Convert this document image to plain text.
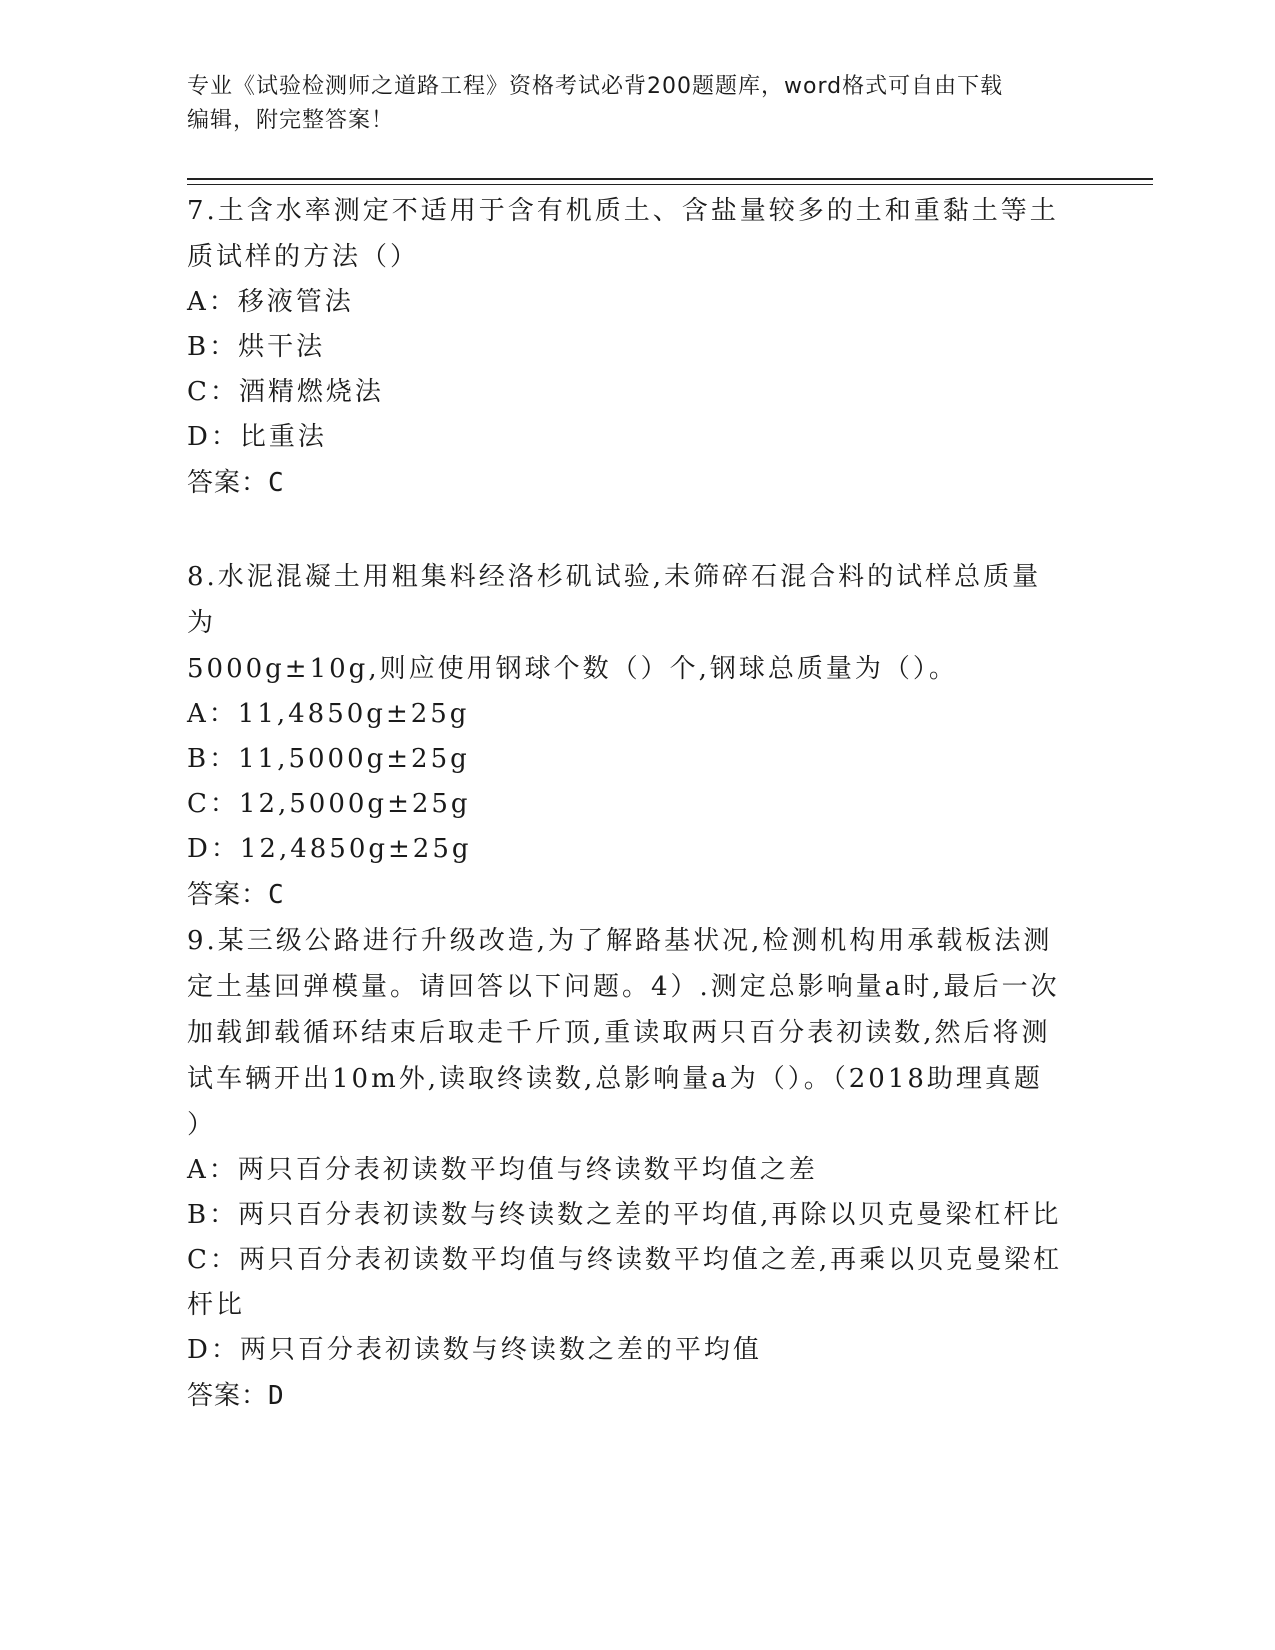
专业《试验检测师之道路工程》资格考试必背200题题库，word格式可自由下载
编辑，附完整答案！
7.土含水率测定不适用于含有机质土、含盐量较多的土和重黏土等土
质试样的方法（）
A：移液管法
B：烘干法
C：酒精燃烧法
D：比重法
答案：C
8.水泥混凝土用粗集料经洛杉矶试验,未筛碎石混合料的试样总质量为
5000g±10g,则应使用钢球个数（）个,钢球总质量为（）。
A：11,4850g±25g
B：11,5000g±25g
C：12,5000g±25g
D：12,4850g±25g
答案：C
9.某三级公路进行升级改造,为了解路基状况,检测机构用承载板法测
定土基回弹模量。请回答以下问题。4）.测定总影响量a时,最后一次
加载卸载循环结束后取走千斤顶,重读取两只百分表初读数,然后将测
试车辆开出10m外,读取终读数,总影响量a为（）。（2018助理真题
）
A：两只百分表初读数平均值与终读数平均值之差
B：两只百分表初读数与终读数之差的平均值,再除以贝克曼梁杠杆比
C：两只百分表初读数平均值与终读数平均值之差,再乘以贝克曼梁杠
杆比
D：两只百分表初读数与终读数之差的平均值
答案：D
